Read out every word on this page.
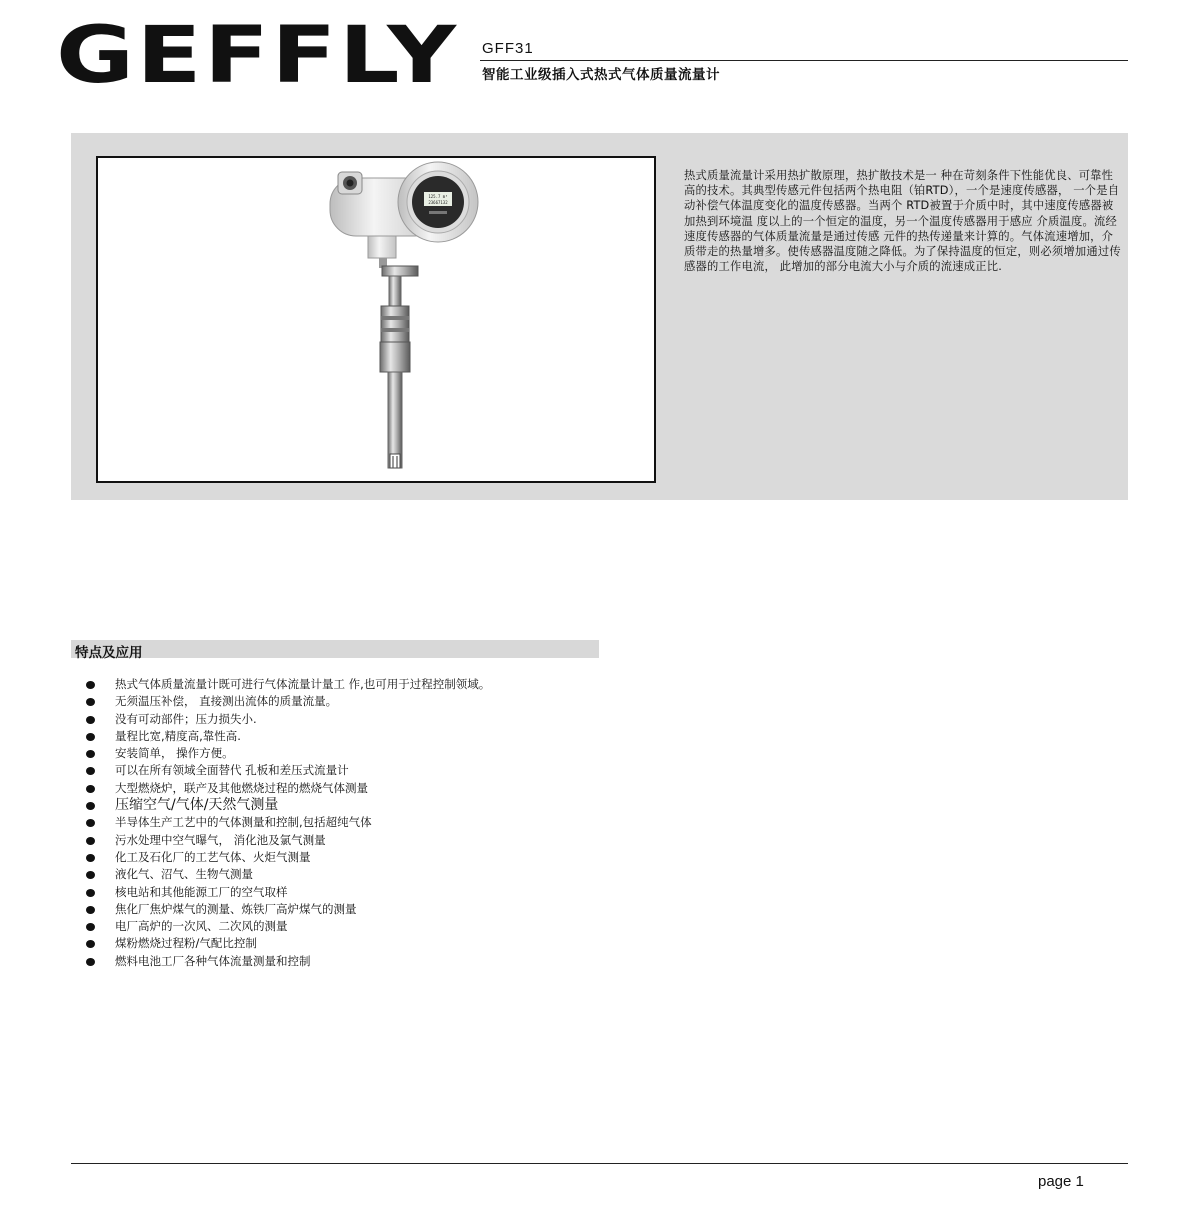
GEFFLY GFF31
智能工业级插入式热式气体质量流量计
125.7 m³
23667132
热式质量流量计采用热扩散原理，热扩散技术是一 种在苛刻条件下性能优良、可靠性高的技术。其典型传感元件包括两个热电阻（铂RTD），一个是速度传感器， 一个是自动补偿气体温度变化的温度传感器。当两个 RTD被置于介质中时，其中速度传感器被加热到环境温 度以上的一个恒定的温度，另一个温度传感器用于感应 介质温度。流经速度传感器的气体质量流量是通过传感 元件的热传递量来计算的。气体流速增加，介质带走的热量增多。使传感器温度随之降低。为了保持温度的恒定，则必须增加通过传感器的工作电流， 此增加的部分电流大小与介质的流速成正比.
特点及应用
热式气体质量流量计既可进行气体流量计量工 作,也可用于过程控制领域。
无须温压补偿， 直接测出流体的质量流量。
没有可动部件；压力损失小.
量程比宽,精度高,靠性高.
安装简单， 操作方便。
可以在所有领域全面替代 孔板和差压式流量计
大型燃烧炉，联产及其他燃烧过程的燃烧气体测量
压缩空气/气体/天然气测量
半导体生产工艺中的气体测量和控制,包括超纯气体
污水处理中空气曝气， 消化池及氯气测量
化工及石化厂的工艺气体、火炬气测量
液化气、沼气、生物气测量
核电站和其他能源工厂的空气取样
焦化厂焦炉煤气的测量、炼铁厂高炉煤气的测量
电厂高炉的一次风、二次风的测量
煤粉燃烧过程粉/气配比控制
燃料电池工厂各种气体流量测量和控制
page 1
